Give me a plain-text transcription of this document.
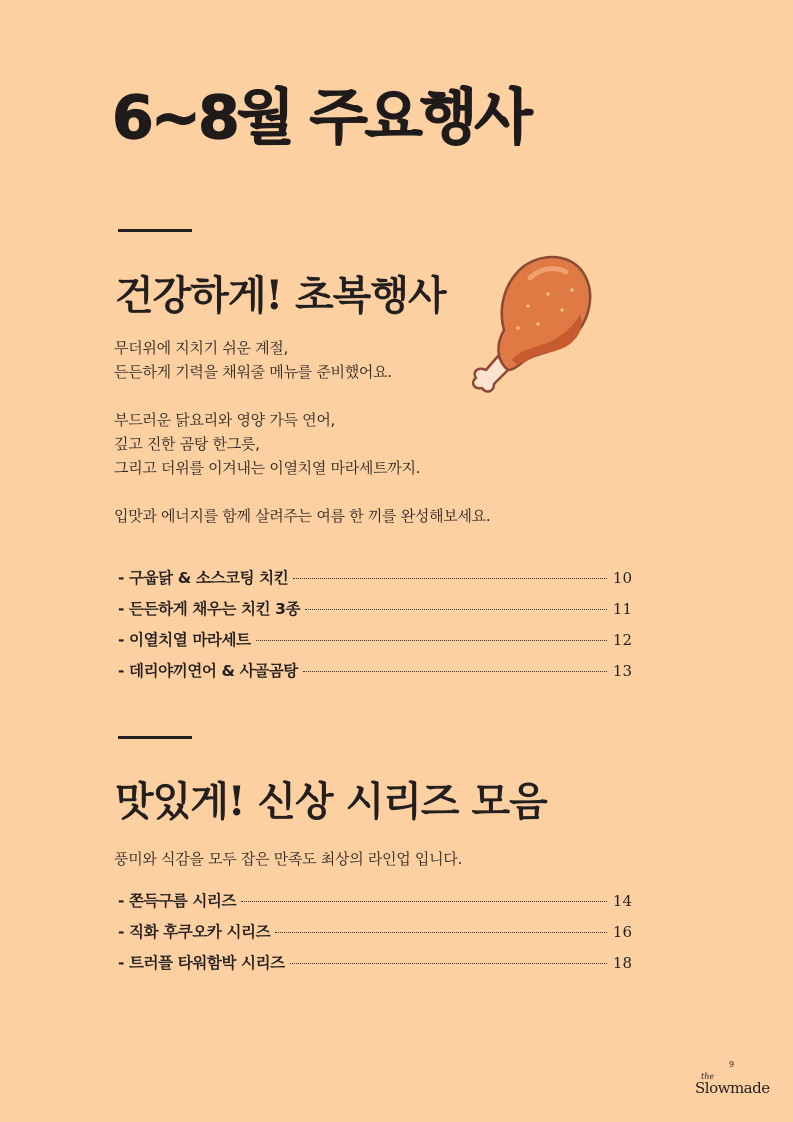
6~8월 주요행사
건강하게! 초복행사
무더위에 지치기 쉬운 계절,
든든하게 기력을 채워줄 메뉴를 준비했어요.
부드러운 닭요리와 영양 가득 연어,
깊고 진한 곰탕 한그릇,
그리고 더위를 이겨내는 이열치열 마라세트까지.
입맛과 에너지를 함께 살려주는 여름 한 끼를 완성해보세요.
- 구웁닭 & 소스코팅 치킨	10
- 든든하게 채우는 치킨 3종	11
- 이열치열 마라세트	12
- 데리야끼연어 & 사골곰탕	13
맛있게! 신상 시리즈 모음

풍미와 식감을 모두 잡은 만족도 최상의 라인업 입니다.

- 쫀득구름 시리즈	14
- 직화 후쿠오카 시리즈	16
- 트러플 타워함박 시리즈	18
9
the
Slowmade
